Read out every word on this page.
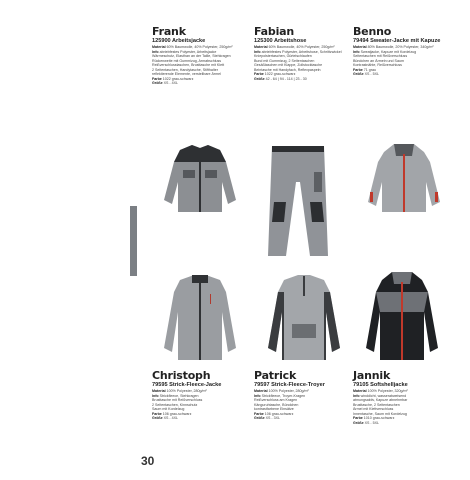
Frank
125900 Arbeitsjacke
Material 60% Baumwolle, 40% Polyester, 250g/m²
Info abriebfestes Polyester, Arbeitsjacke
Wärmeschutz, Elasthan an der Taille, Stehkragen
Rückenweite mit Gummizug, Armabschluss
Reißverschlusstaschen, Brusttasche mit Klett
2 Seitentaschen, Handytasche, Stifthalter
reflektierende Elemente, verstellbare Ärmel
Farbe 1022 grau-schwarz
Größe XS - 4XL
Fabian
125300 Arbeitshose
Material 60% Baumwolle, 40% Polyester, 250g/m²
Info abriebfestes Polyester, Arbeitshose, Schrittzwickel
Kniepolstertaschen, Gürtelschlaufen
Bund mit Gummizug, 2 Seitentaschen
Gesäßtaschen mit Klappe, Zollstocktasche
Beintasche mit Handyfach, Reflexpaspeln
Farbe 1022 grau-schwarz
Größe 42 - 64 | 94 - 114 | 23 - 30
Benno
79494 Sweater-Jacke mit Kapuze
Material 80% Baumwolle, 20% Polyester, 340g/m²
Info Sweatjacke, Kapuze mit Kordelzug
Seitentaschen mit Reißverschluss
Bündchen an Ärmeln und Saum
Kontrastnähte, Reißverschluss
Farbe 71 grau
Größe XS - 5XL
Christoph
79595 Strick-Fleece-Jacke
Material 100% Polyester, 280g/m²
Info Strickfleece, Stehkragen
Brusttasche mit Reißverschluss
2 Seitentaschen, Kinnschutz
Saum mit Kordelzug
Farbe 106 grau-schwarz
Größe XS - 4XL
Patrick
79597 Strick-Fleece-Troyer
Material 100% Polyester, 280g/m²
Info Strickfleece, Troyer-Kragen
Reißverschluss am Kragen
Känguruhtasche, Bündchen
kontrastfarbene Einsätze
Farbe 106 grau-schwarz
Größe XS - 3XL
Jannik
79105 Softshelljacke
Material 100% Polyester, 320g/m²
Info winddicht, wasserabweisend
atmungsaktiv, Kapuze abnehmbar
Brusttasche, 2 Seitentaschen
Ärmel mit Klettverschluss
Innentasche, Saum mit Kordelzug
Farbe 1010 grau-schwarz
Größe XS - 5XL
30
